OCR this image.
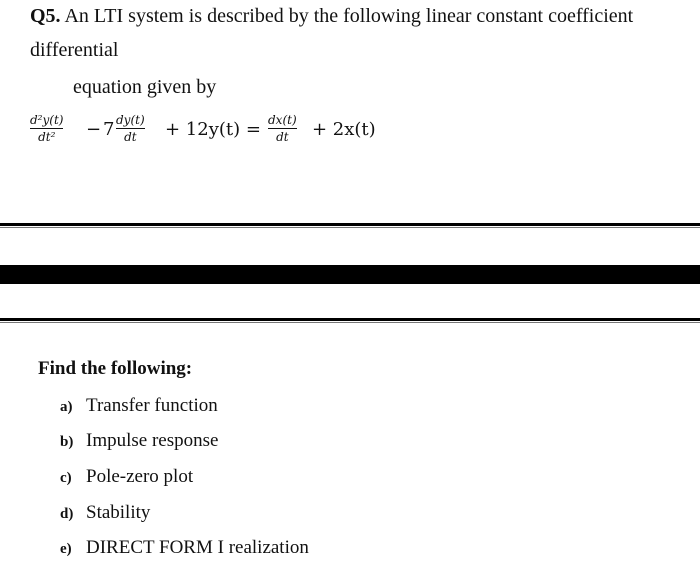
Q5. An LTI system is described by the following linear constant coefficient
differential
equation given by
d²y(t)
dt² − 7 dy(t)
dt + 12y(t) = dx(t)
dt + 2x(t)
Find the following:
a) Transfer function
b) Impulse response
c) Pole-zero plot
d) Stability
e) DIRECT FORM I realization
